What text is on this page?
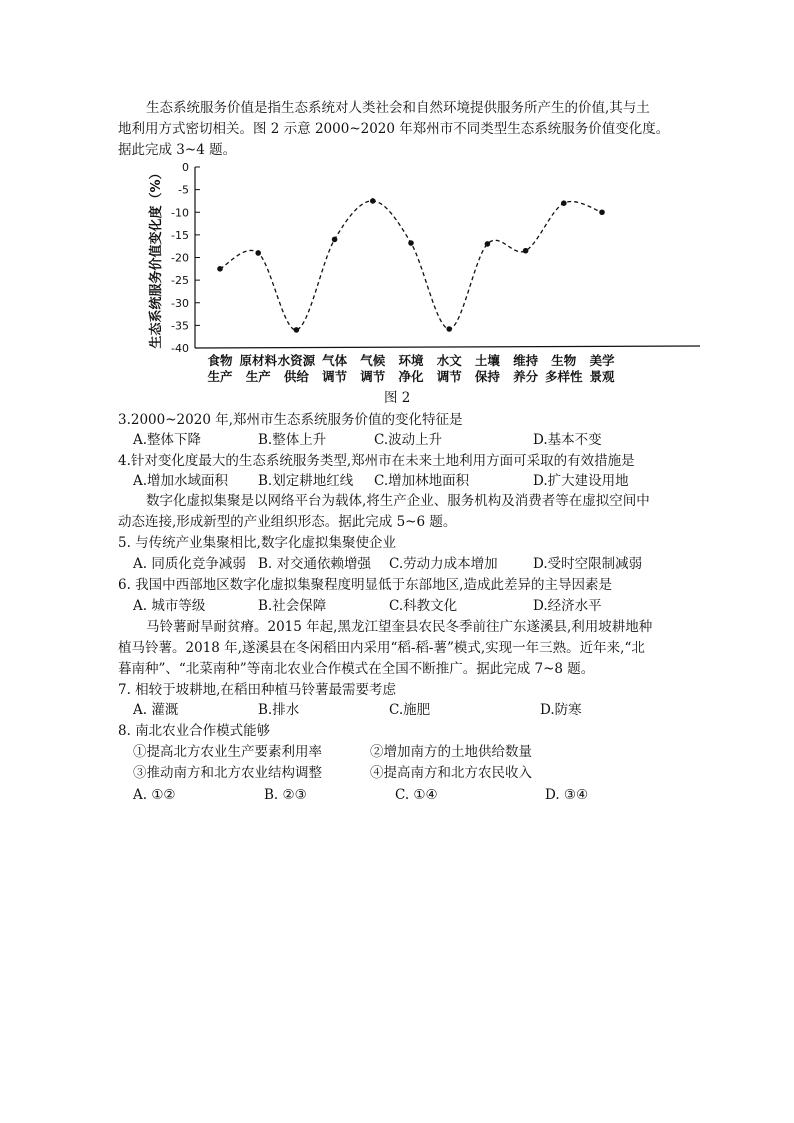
生态系统服务价值是指生态系统对人类社会和自然环境提供服务所产生的价值,其与土
地利用方式密切相关。图 2 示意 2000~2020 年郑州市不同类型生态系统服务价值变化度。
据此完成 3~4 题。
0
-5
-10
-15
-20
-25
-30
-35
-40
生态系统服务价值变化度（%）
食物
生产
原材料
生产
水资源
供给
气体
调节
气候
调节
环境
净化
水文
调节
土壤
保持
维持
养分
生物
多样性
美学
景观
图 2
3.2000~2020 年,郑州市生态系统服务价值的变化特征是
A.整体下降	B.整体上升	C.波动上升	D.基本不变
4.针对变化度最大的生态系统服务类型,郑州市在未来土地利用方面可采取的有效措施是
A.增加水域面积 B.划定耕地红线 C.增加林地面积	D.扩大建设用地
数字化虚拟集聚是以网络平台为载体,将生产企业、服务机构及消费者等在虚拟空间中
动态连接,形成新型的产业组织形态。据此完成 5~6 题。
5. 与传统产业集聚相比,数字化虚拟集聚使企业
A. 同质化竞争减弱 B. 对交通依赖增强 C.劳动力成本增加	D.受时空限制减弱
6. 我国中西部地区数字化虚拟集聚程度明显低于东部地区,造成此差异的主导因素是
A. 城市等级	B.社会保障	C.科教文化	D.经济水平
马铃薯耐旱耐贫瘠。2015 年起,黑龙江望奎县农民冬季前往广东遂溪县,利用坡耕地种
植马铃薯。2018 年,遂溪县在冬闲稻田内采用“稻-稻-薯”模式,实现一年三熟。近年来,“北
暮南种”、“北菜南种”等南北农业合作模式在全国不断推广。据此完成 7~8 题。
7. 相较于坡耕地,在稻田种植马铃薯最需要考虑
A. 灌溉	B.排水	C.施肥	D.防寒
8. 南北农业合作模式能够
①提高北方农业生产要素利用率	②增加南方的土地供给数量
③推动南方和北方农业结构调整	④提高南方和北方农民收入
A. ①②	B. ②③	C. ①④	D. ③④
